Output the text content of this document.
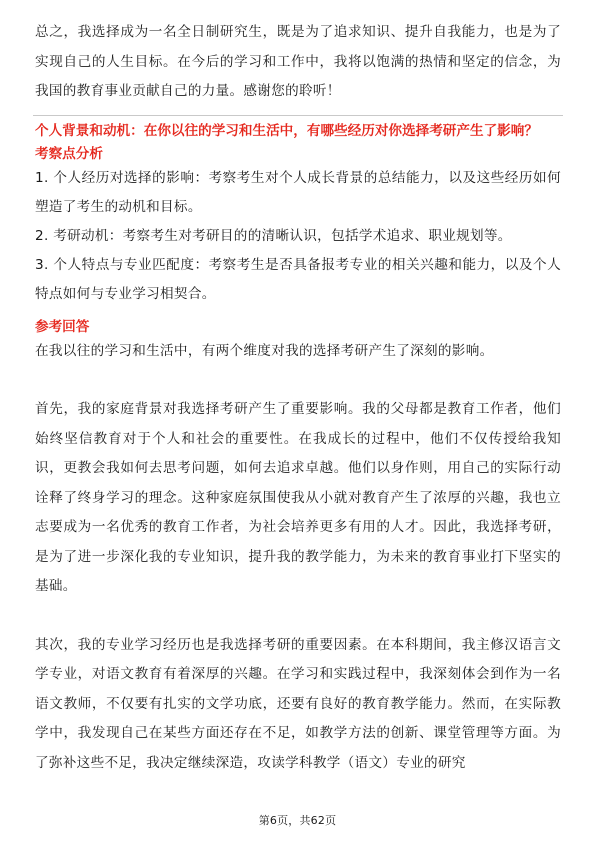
总之，我选择成为一名全日制研究生，既是为了追求知识、提升自我能力，也是为了实现自己的人生目标。在今后的学习和工作中，我将以饱满的热情和坚定的信念，为我国的教育事业贡献自己的力量。感谢您的聆听！

个人背景和动机：在你以往的学习和生活中，有哪些经历对你选择考研产生了影响？
考察点分析

1. 个人经历对选择的影响：考察考生对个人成长背景的总结能力，以及这些经历如何塑造了考生的动机和目标。

2. 考研动机：考察考生对考研目的的清晰认识，包括学术追求、职业规划等。

3. 个人特点与专业匹配度：考察考生是否具备报考专业的相关兴趣和能力，以及个人特点如何与专业学习相契合。

参考回答

在我以往的学习和生活中，有两个维度对我的选择考研产生了深刻的影响。

首先，我的家庭背景对我选择考研产生了重要影响。我的父母都是教育工作者，他们始终坚信教育对于个人和社会的重要性。在我成长的过程中，他们不仅传授给我知识，更教会我如何去思考问题，如何去追求卓越。他们以身作则，用自己的实际行动诠释了终身学习的理念。这种家庭氛围使我从小就对教育产生了浓厚的兴趣，我也立志要成为一名优秀的教育工作者，为社会培养更多有用的人才。因此，我选择考研，是为了进一步深化我的专业知识，提升我的教学能力，为未来的教育事业打下坚实的基础。

其次，我的专业学习经历也是我选择考研的重要因素。在本科期间，我主修汉语言文学专业，对语文教育有着深厚的兴趣。在学习和实践过程中，我深刻体会到作为一名语文教师，不仅要有扎实的文学功底，还要有良好的教育教学能力。然而，在实际教学中，我发现自己在某些方面还存在不足，如教学方法的创新、课堂管理等方面。为了弥补这些不足，我决定继续深造，攻读学科教学（语文）专业的研究

第6页，共62页
